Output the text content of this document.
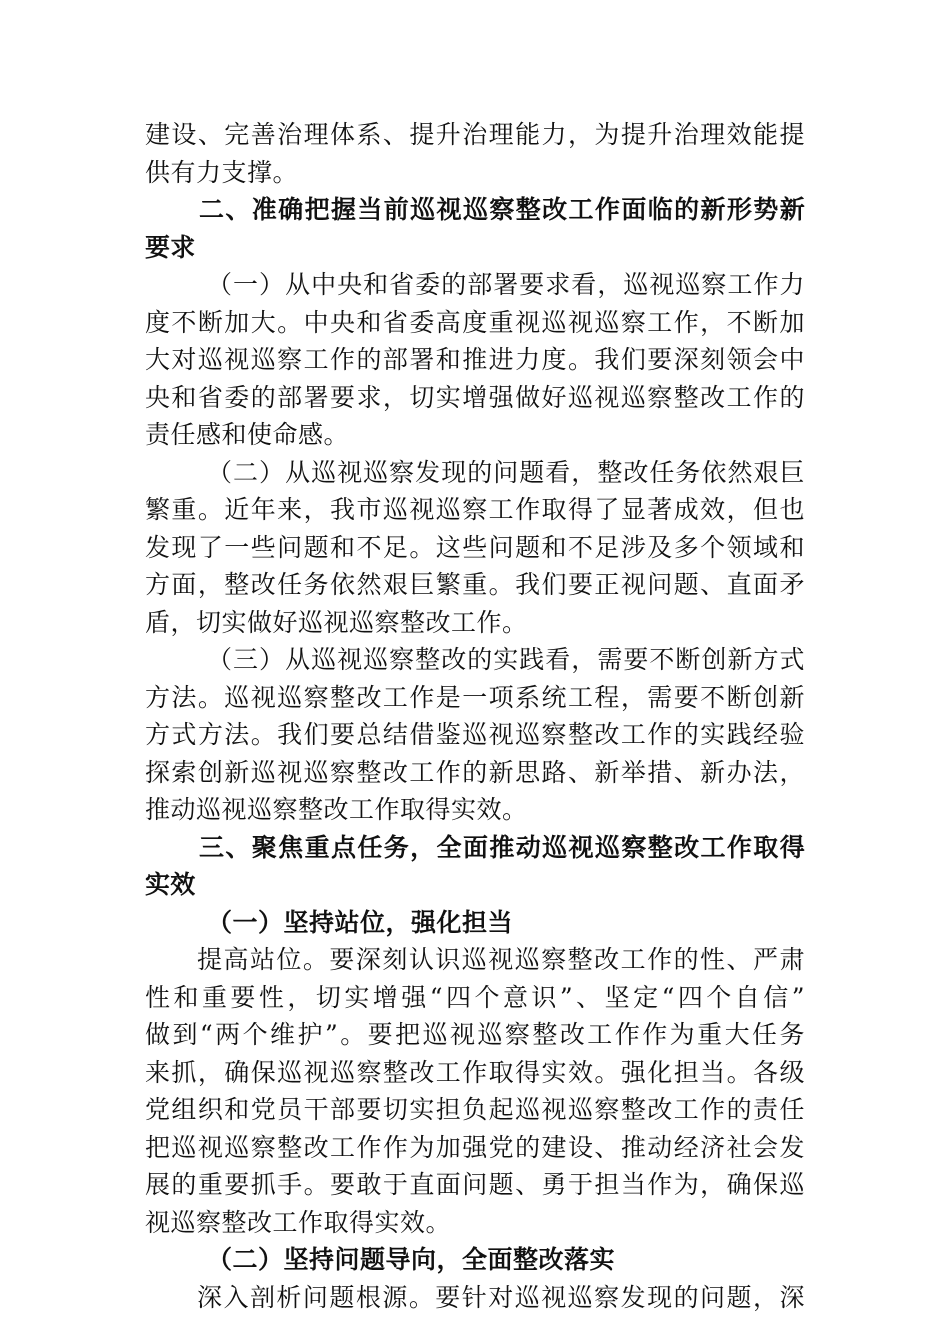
建设、完善治理体系、提升治理能力，为提升治理效能提
供有力支撑。
二、准确把握当前巡视巡察整改工作面临的新形势新
要求
（一）从中央和省委的部署要求看，巡视巡察工作力
度不断加大。中央和省委高度重视巡视巡察工作，不断加
大对巡视巡察工作的部署和推进力度。我们要深刻领会中
央和省委的部署要求，切实增强做好巡视巡察整改工作的
责任感和使命感。
（二）从巡视巡察发现的问题看，整改任务依然艰巨
繁重。近年来，我市巡视巡察工作取得了显著成效，但也
发现了一些问题和不足。这些问题和不足涉及多个领域和
方面，整改任务依然艰巨繁重。我们要正视问题、直面矛
盾，切实做好巡视巡察整改工作。
（三）从巡视巡察整改的实践看，需要不断创新方式
方法。巡视巡察整改工作是一项系统工程，需要不断创新
方式方法。我们要总结借鉴巡视巡察整改工作的实践经验
探索创新巡视巡察整改工作的新思路、新举措、新办法，
推动巡视巡察整改工作取得实效。
三、聚焦重点任务，全面推动巡视巡察整改工作取得
实效
（一）坚持站位，强化担当
提高站位。要深刻认识巡视巡察整改工作的性、严肃
性和重要性，切实增强“四个意识”、坚定“四个自信”
做到“两个维护”。要把巡视巡察整改工作作为重大任务
来抓，确保巡视巡察整改工作取得实效。强化担当。各级
党组织和党员干部要切实担负起巡视巡察整改工作的责任
把巡视巡察整改工作作为加强党的建设、推动经济社会发
展的重要抓手。要敢于直面问题、勇于担当作为，确保巡
视巡察整改工作取得实效。
（二）坚持问题导向，全面整改落实
深入剖析问题根源。要针对巡视巡察发现的问题，深
